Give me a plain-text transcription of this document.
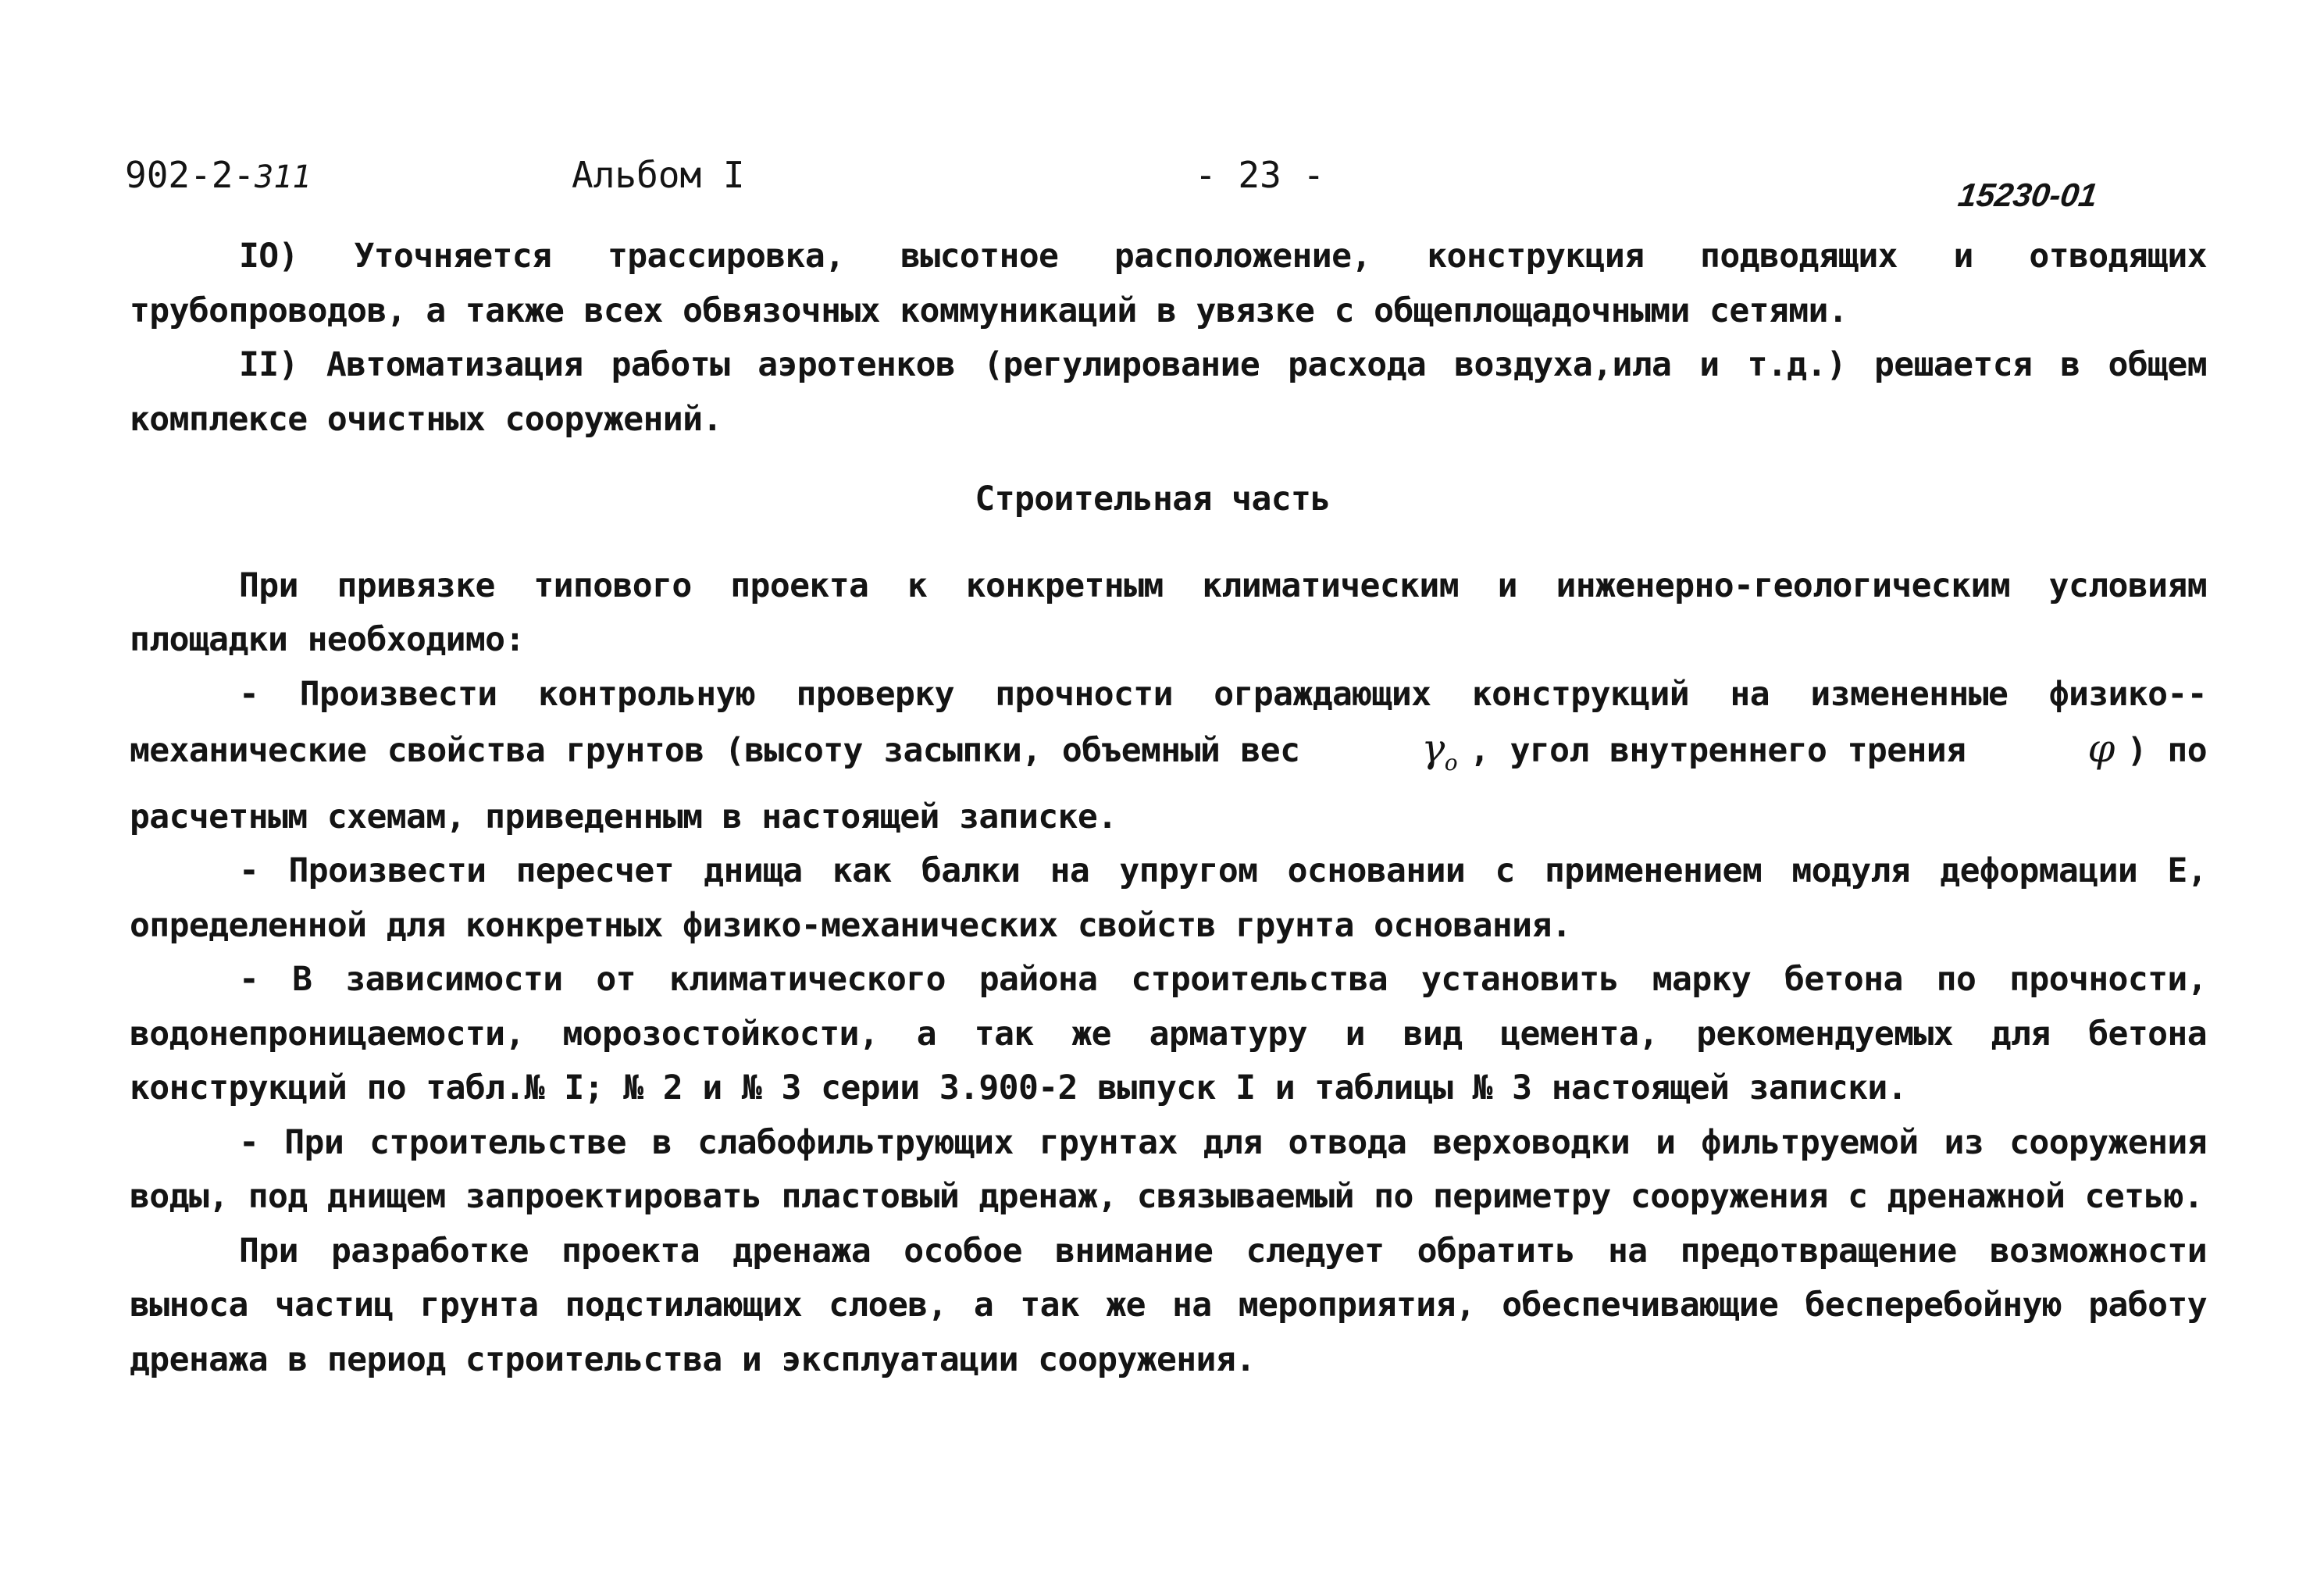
902-2-311	Альбом I	- 23 -	15230-01

IO) Уточняется трассировка, высотное расположение, конструкция подводящих и отводящих трубопроводов, а также всех обвязочных коммуникаций в увязке с общеплощадочными сетями.

II) Автоматизация работы аэротенков (регулирование расхода воздуха,ила и т.д.) решается в общем комплексе очистных сооружений.

Строительная часть

При привязке типового проекта к конкретным климатическим и инженерно-геологическим условиям площадки необходимо:

- Произвести контрольную проверку прочности ограждающих конструкций на измененные физико-- механические свойства грунтов (высоту засыпки, объемный вес	$\gamma_о$ , угол внутреннего трения	φ ) по расчетным схемам, приведенным в настоящей записке.

- Произвести пересчет днища как балки на упругом основании с применением модуля деформации Е, определенной для конкретных физико-механических свойств грунта основания.

- В зависимости от климатического района строительства установить марку бетона по прочности, водонепроницаемости, морозостойкости, а так же арматуру и вид цемента, рекомендуемых для бетона конструкций по табл.№ I; № 2 и № 3 серии 3.900-2 выпуск I и таблицы № 3 настоящей записки.

- При строительстве в слабофильтрующих грунтах для отвода верховодки и фильтруемой из сооружения воды, под днищем запроектировать пластовый дренаж, связываемый по периметру сооружения с дренажной сетью.

При разработке проекта дренажа особое внимание следует обратить на предотвращение возможности выноса частиц грунта подстилающих слоев, а так же на мероприятия, обеспечивающие бесперебойную работу дренажа в период строительства и эксплуатации сооружения.
